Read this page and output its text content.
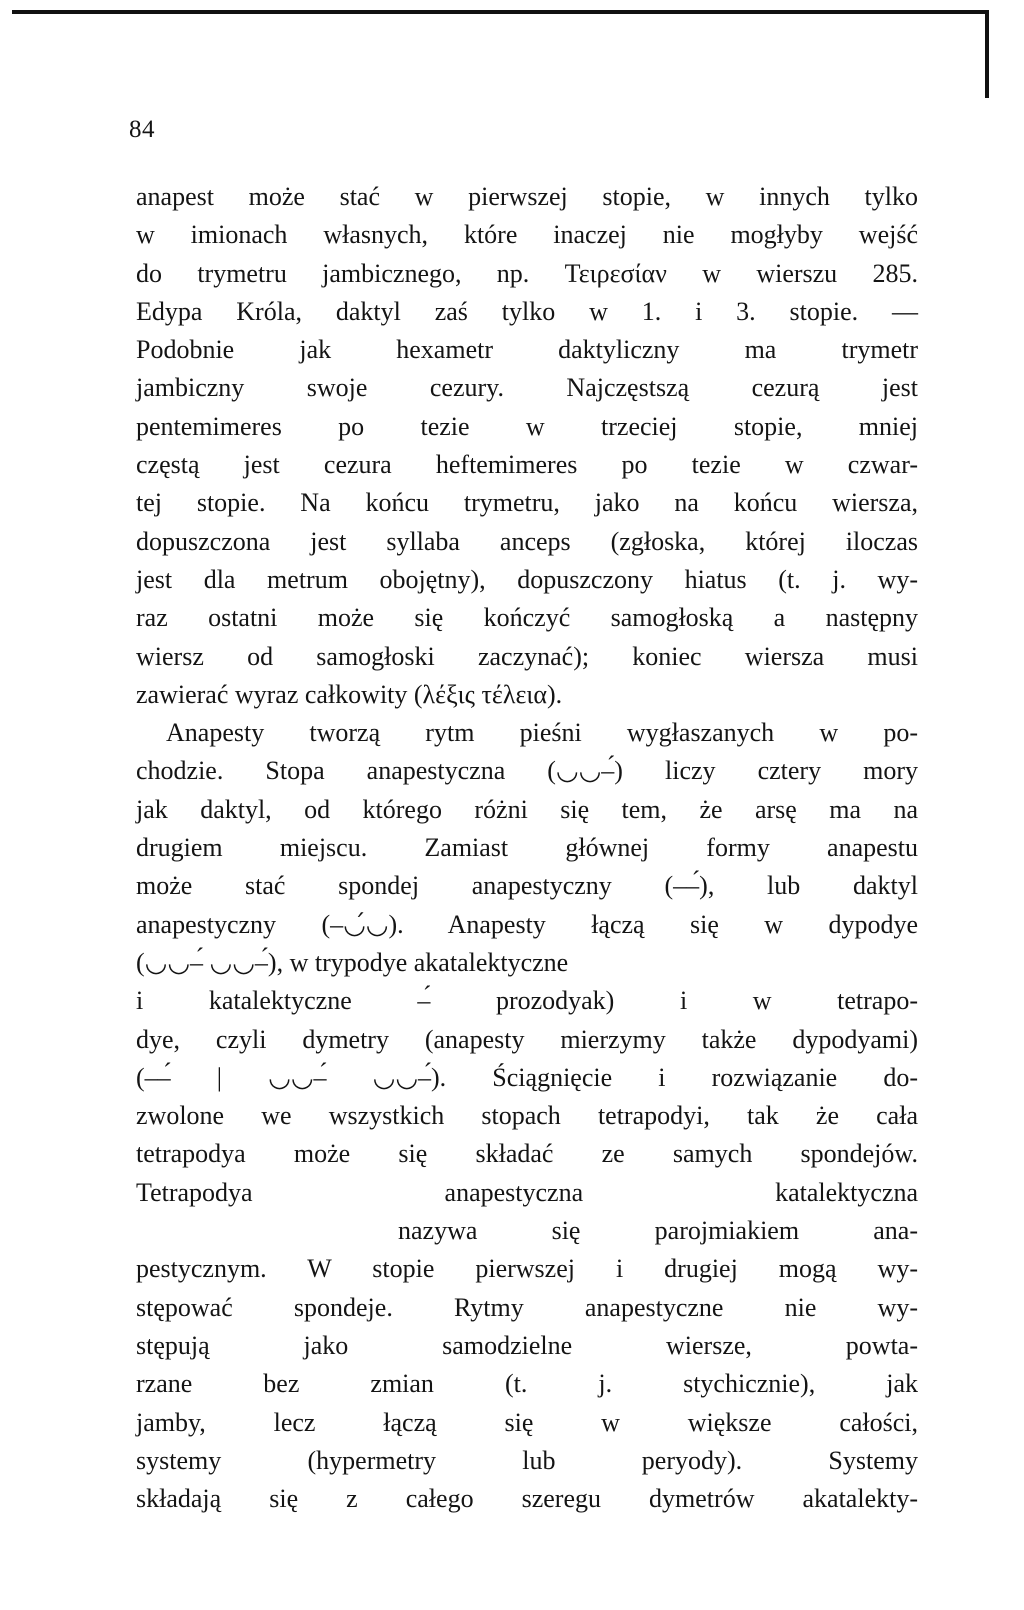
84
anapest może stać w pierwszej stopie, w innych tylko
w imionach własnych, które inaczej nie mogłyby wejść
do trymetru jambicznego, np. Τειρεσίαν w wierszu 285.
Edypa Króla, daktyl zaś tylko w 1. i 3. stopie. —
Podobnie jak hexametr daktyliczny ma trymetr
jambiczny swoje cezury. Najczęstszą cezurą jest
pentemimeres po tezie w trzeciej stopie, mniej
częstą jest cezura heftemimeres po tezie w czwar-
tej stopie. Na końcu trymetru, jako na końcu wiersza,
dopuszczona jest syllaba anceps (zgłoska, której iloczas
jest dla metrum obojętny), dopuszczony hiatus (t. j. wy-
raz ostatni może się kończyć samogłoską a następny
wiersz od samogłoski zaczynać); koniec wiersza musi
zawierać wyraz całkowity (λέξις τέλεια).
Anapesty tworzą rytm pieśni wygłaszanych w po-
chodzie. Stopa anapestyczna (◡◡‒́) liczy cztery mory
jak daktyl, od którego różni się tem, że arsę ma na
drugiem miejscu. Zamiast głównej formy anapestu
może stać spondej anapestyczny (‒‒́), lub daktyl
anapestyczny (‒◡́◡). Anapesty łączą się w dypodye
(◡◡‒́ ◡◡‒́), w trypodye akatalektyczne
i katalektyczne ‒́ prozodyak) i w tetrapo-
dye, czyli dymetry (anapesty mierzymy także dypodyami)
(‒‒́ | ◡◡‒́ ◡◡‒́). Ściągnięcie i rozwiązanie do-
zwolone we wszystkich stopach tetrapodyi, tak że cała
tetrapodya może się składać ze samych spondejów.
Tetrapodya anapestyczna katalektyczna
nazywa się parojmiakiem ana-
pestycznym. W stopie pierwszej i drugiej mogą wy-
stępować spondeje. Rytmy anapestyczne nie wy-
stępują jako samodzielne wiersze, powta-
rzane bez zmian (t. j. stychicznie), jak
jamby, lecz łączą się w większe całości,
systemy (hypermetry lub peryody). Systemy
składają się z całego szeregu dymetrów akatalekty-
